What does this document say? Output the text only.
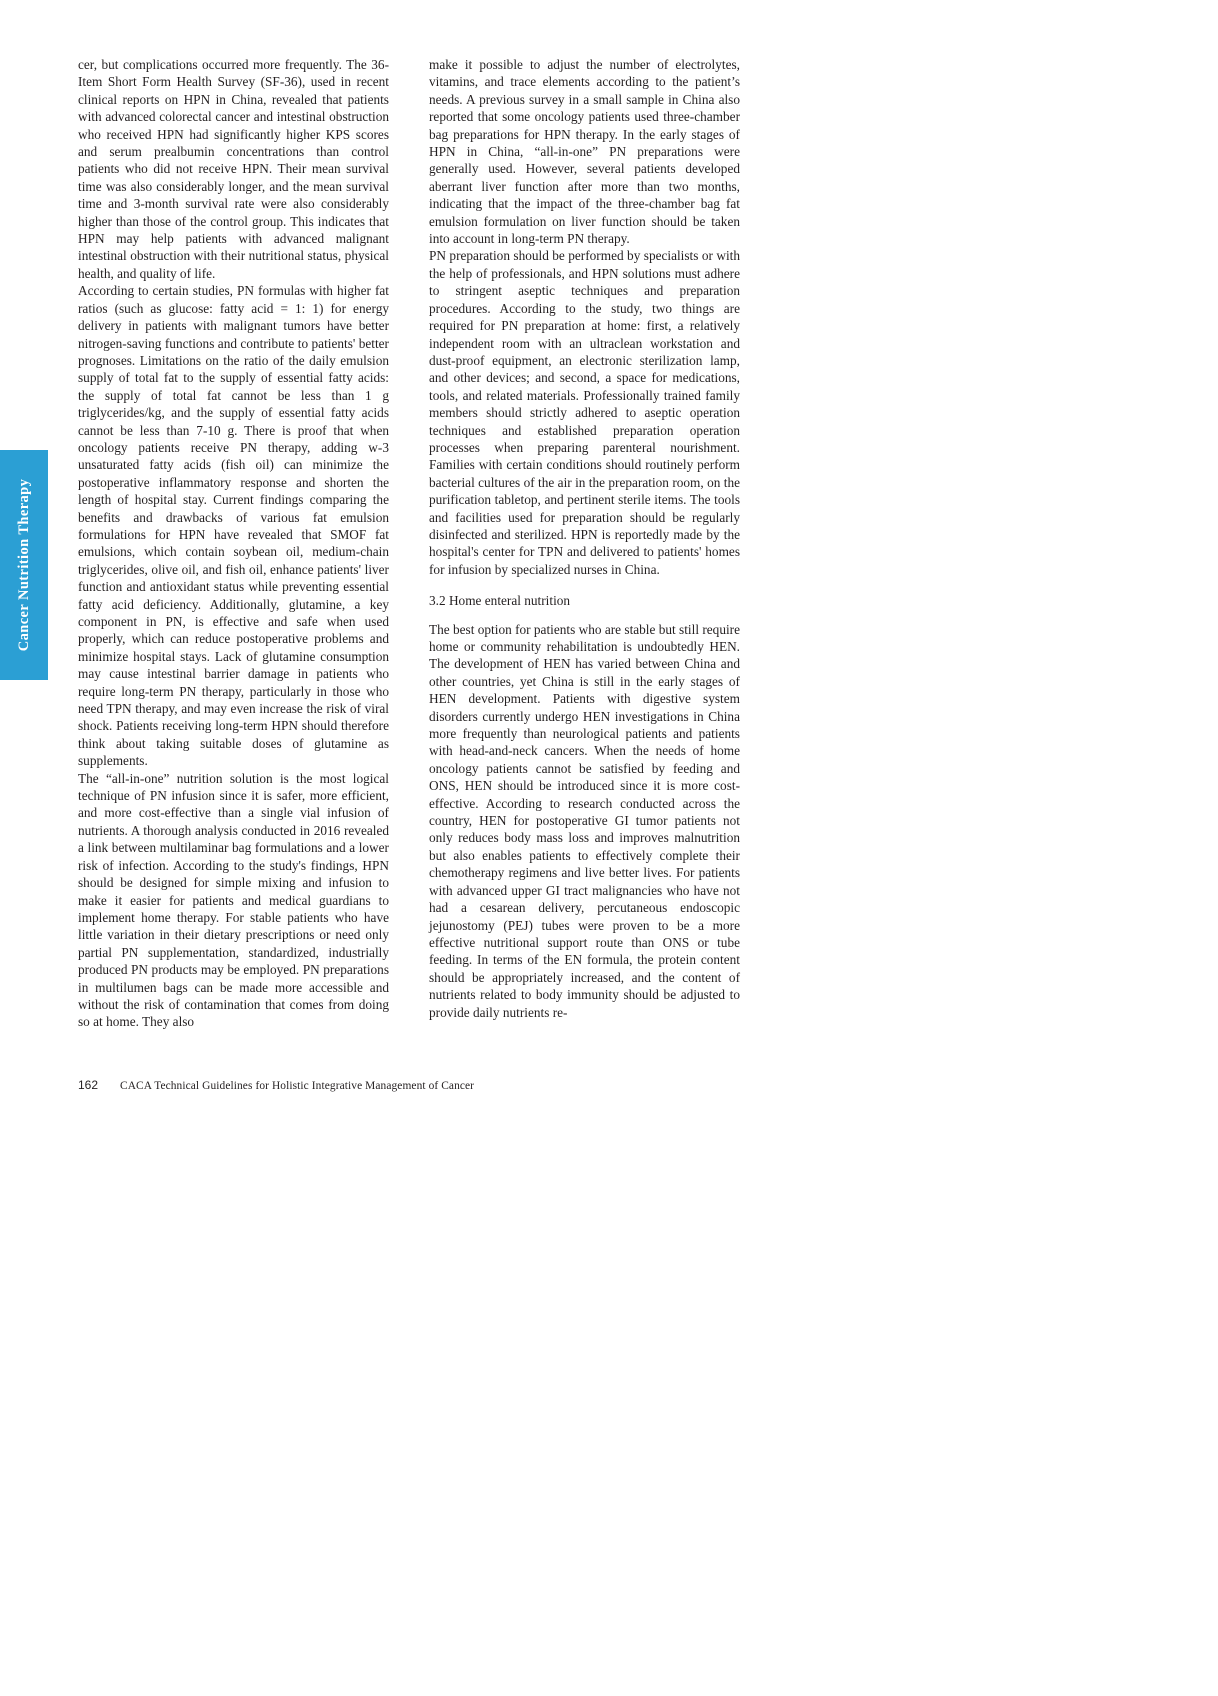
Cancer Nutrition Therapy

cer, but complications occurred more frequently. The 36-Item Short Form Health Survey (SF-36), used in recent clinical reports on HPN in China, revealed that patients with advanced colorectal cancer and intestinal obstruction who received HPN had significantly higher KPS scores and serum prealbumin concentrations than control patients who did not receive HPN. Their mean survival time was also considerably longer, and the mean survival time and 3-month survival rate were also considerably higher than those of the control group. This indicates that HPN may help patients with advanced malignant intestinal obstruction with their nutritional status, physical health, and quality of life.

According to certain studies, PN formulas with higher fat ratios (such as glucose: fatty acid = 1: 1) for energy delivery in patients with malignant tumors have better nitrogen-saving functions and contribute to patients' better prognoses. Limitations on the ratio of the daily emulsion supply of total fat to the supply of essential fatty acids: the supply of total fat cannot be less than 1 g triglycerides/kg, and the supply of essential fatty acids cannot be less than 7-10 g. There is proof that when oncology patients receive PN therapy, adding w-3 unsaturated fatty acids (fish oil) can minimize the postoperative inflammatory response and shorten the length of hospital stay. Current findings comparing the benefits and drawbacks of various fat emulsion formulations for HPN have revealed that SMOF fat emulsions, which contain soybean oil, medium-chain triglycerides, olive oil, and fish oil, enhance patients' liver function and antioxidant status while preventing essential fatty acid deficiency. Additionally, glutamine, a key component in PN, is effective and safe when used properly, which can reduce postoperative problems and minimize hospital stays. Lack of glutamine consumption may cause intestinal barrier damage in patients who require long-term PN therapy, particularly in those who need TPN therapy, and may even increase the risk of viral shock. Patients receiving long-term HPN should therefore think about taking suitable doses of glutamine as supplements.

The “all-in-one” nutrition solution is the most logical technique of PN infusion since it is safer, more efficient, and more cost-effective than a single vial infusion of nutrients. A thorough analysis conducted in 2016 revealed a link between multilaminar bag formulations and a lower risk of infection. According to the study's findings, HPN should be designed for simple mixing and infusion to make it easier for patients and medical guardians to implement home therapy. For stable patients who have little variation in their dietary prescriptions or need only partial PN supplementation, standardized, industrially produced PN products may be employed. PN preparations in multilumen bags can be made more accessible and without the risk of contamination that comes from doing so at home. They also

make it possible to adjust the number of electrolytes, vitamins, and trace elements according to the patient’s needs. A previous survey in a small sample in China also reported that some oncology patients used three-chamber bag preparations for HPN therapy. In the early stages of HPN in China, “all-in-one” PN preparations were generally used. However, several patients developed aberrant liver function after more than two months, indicating that the impact of the three-chamber bag fat emulsion formulation on liver function should be taken into account in long-term PN therapy.

PN preparation should be performed by specialists or with the help of professionals, and HPN solutions must adhere to stringent aseptic techniques and preparation procedures. According to the study, two things are required for PN preparation at home: first, a relatively independent room with an ultraclean workstation and dust-proof equipment, an electronic sterilization lamp, and other devices; and second, a space for medications, tools, and related materials. Professionally trained family members should strictly adhered to aseptic operation techniques and established preparation operation processes when preparing parenteral nourishment. Families with certain conditions should routinely perform bacterial cultures of the air in the preparation room, on the purification tabletop, and pertinent sterile items. The tools and facilities used for preparation should be regularly disinfected and sterilized. HPN is reportedly made by the hospital's center for TPN and delivered to patients' homes for infusion by specialized nurses in China.

3.2 Home enteral nutrition

The best option for patients who are stable but still require home or community rehabilitation is undoubtedly HEN. The development of HEN has varied between China and other countries, yet China is still in the early stages of HEN development. Patients with digestive system disorders currently undergo HEN investigations in China more frequently than neurological patients and patients with head-and-neck cancers. When the needs of home oncology patients cannot be satisfied by feeding and ONS, HEN should be introduced since it is more cost-effective. According to research conducted across the country, HEN for postoperative GI tumor patients not only reduces body mass loss and improves malnutrition but also enables patients to effectively complete their chemotherapy regimens and live better lives. For patients with advanced upper GI tract malignancies who have not had a cesarean delivery, percutaneous endoscopic jejunostomy (PEJ) tubes were proven to be a more effective nutritional support route than ONS or tube feeding. In terms of the EN formula, the protein content should be appropriately increased, and the content of nutrients related to body immunity should be adjusted to provide daily nutrients re-

162 CACA Technical Guidelines for Holistic Integrative Management of Cancer
